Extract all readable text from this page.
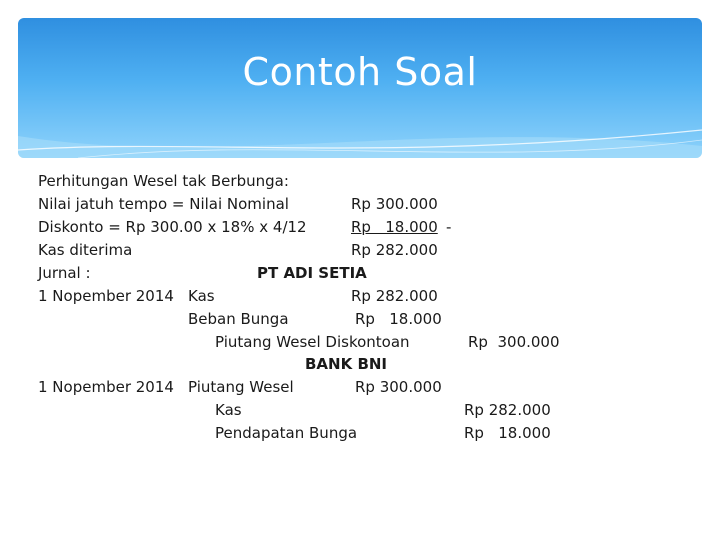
Contoh Soal
Perhitungan Wesel tak Berbunga:
Nilai jatuh tempo = Nilai Nominal	Rp 300.000
Diskonto = Rp 300.00 x 18% x 4/12	Rp   18.000 -
Kas diterima	Rp 282.000
Jurnal :	PT ADI SETIA
1 Nopember 2014 Kas	Rp 282.000
Beban Bunga	Rp   18.000
Piutang Wesel Diskontoan	Rp  300.000
BANK BNI
1 Nopember 2014 Piutang Wesel	Rp 300.000
Kas	Rp 282.000
Pendapatan Bunga	Rp   18.000
